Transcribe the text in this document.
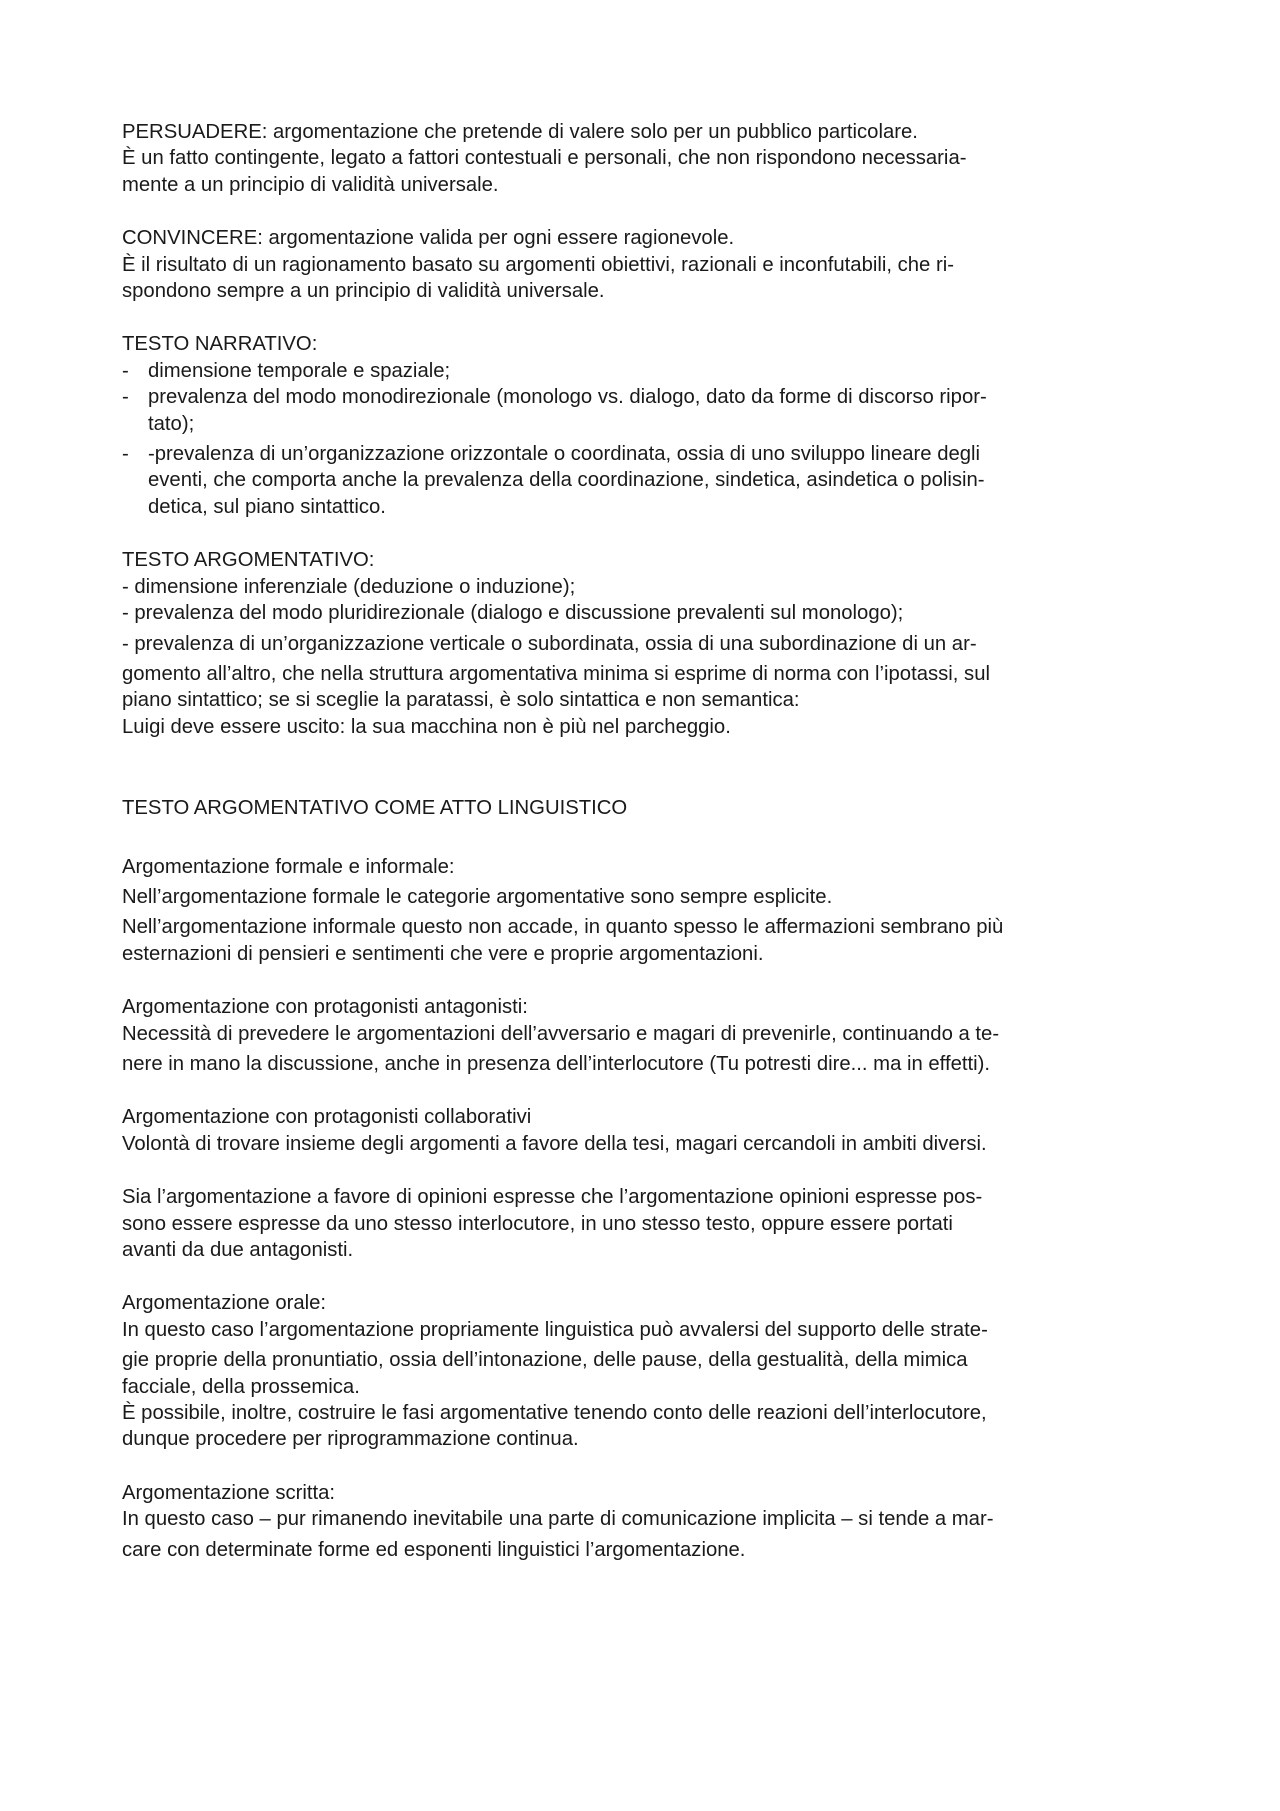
PERSUADERE: argomentazione che pretende di valere solo per un pubblico particolare.

È un fatto contingente, legato a fattori contestuali e personali, che non rispondono necessaria-

mente a un principio di validità universale.

CONVINCERE: argomentazione valida per ogni essere ragionevole.

È il risultato di un ragionamento basato su argomenti obiettivi, razionali e inconfutabili, che ri-

spondono sempre a un principio di validità universale.

TESTO NARRATIVO:

- dimensione temporale e spaziale;

- prevalenza del modo monodirezionale (monologo vs. dialogo, dato da forme di discorso ripor-

tato);

- -prevalenza di un’organizzazione orizzontale o coordinata, ossia di uno sviluppo lineare degli

eventi, che comporta anche la prevalenza della coordinazione, sindetica, asindetica o polisin-

detica, sul piano sintattico.

TESTO ARGOMENTATIVO:

- dimensione inferenziale (deduzione o induzione);

- prevalenza del modo pluridirezionale (dialogo e discussione prevalenti sul monologo);

- prevalenza di un’organizzazione verticale o subordinata, ossia di una subordinazione di un ar-

gomento all’altro, che nella struttura argomentativa minima si esprime di norma con l’ipotassi, sul

piano sintattico; se si sceglie la paratassi, è solo sintattica e non semantica:

Luigi deve essere uscito: la sua macchina non è più nel parcheggio.

TESTO ARGOMENTATIVO COME ATTO LINGUISTICO

Argomentazione formale e informale:

Nell’argomentazione formale le categorie argomentative sono sempre esplicite.

Nell’argomentazione informale questo non accade, in quanto spesso le affermazioni sembrano più

esternazioni di pensieri e sentimenti che vere e proprie argomentazioni.

Argomentazione con protagonisti antagonisti:

Necessità di prevedere le argomentazioni dell’avversario e magari di prevenirle, continuando a te-

nere in mano la discussione, anche in presenza dell’interlocutore (Tu potresti dire... ma in effetti).

Argomentazione con protagonisti collaborativi

Volontà di trovare insieme degli argomenti a favore della tesi, magari cercandoli in ambiti diversi.

Sia l’argomentazione a favore di opinioni espresse che l’argomentazione opinioni espresse pos-

sono essere espresse da uno stesso interlocutore, in uno stesso testo, oppure essere portati

avanti da due antagonisti.

Argomentazione orale:

In questo caso l’argomentazione propriamente linguistica può avvalersi del supporto delle strate-

gie proprie della pronuntiatio, ossia dell’intonazione, delle pause, della gestualità, della mimica

facciale, della prossemica.

È possibile, inoltre, costruire le fasi argomentative tenendo conto delle reazioni dell’interlocutore,

dunque procedere per riprogrammazione continua.

Argomentazione scritta:

In questo caso – pur rimanendo inevitabile una parte di comunicazione implicita – si tende a mar-

care con determinate forme ed esponenti linguistici l’argomentazione.
